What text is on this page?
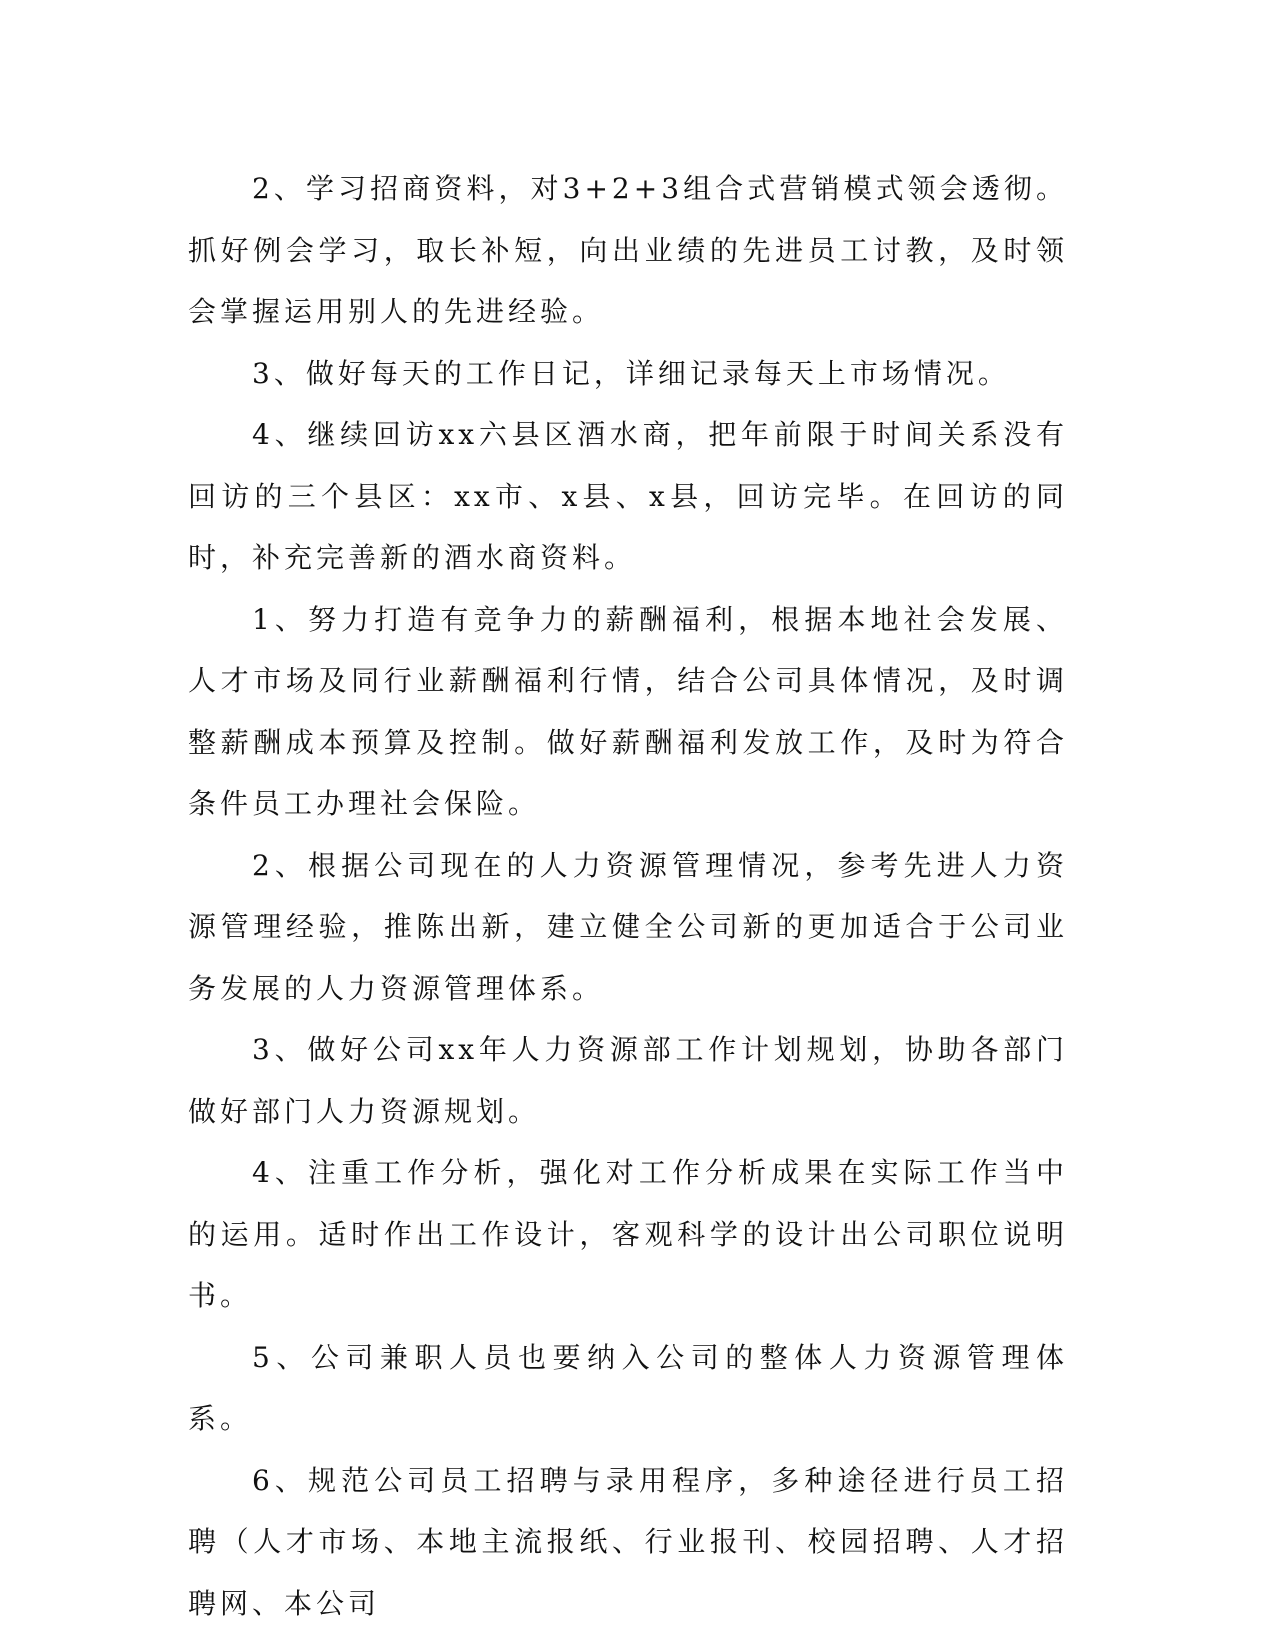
2、学习招商资料，对3+2+3组合式营销模式领会透彻。抓好例会学习，取长补短，向出业绩的先进员工讨教，及时领会掌握运用别人的先进经验。

3、做好每天的工作日记，详细记录每天上市场情况。

4、继续回访xx六县区酒水商，把年前限于时间关系没有回访的三个县区：xx市、x县、x县，回访完毕。在回访的同时，补充完善新的酒水商资料。

1、努力打造有竞争力的薪酬福利，根据本地社会发展、人才市场及同行业薪酬福利行情，结合公司具体情况，及时调整薪酬成本预算及控制。做好薪酬福利发放工作，及时为符合条件员工办理社会保险。

2、根据公司现在的人力资源管理情况，参考先进人力资源管理经验，推陈出新，建立健全公司新的更加适合于公司业务发展的人力资源管理体系。

3、做好公司xx年人力资源部工作计划规划，协助各部门做好部门人力资源规划。

4、注重工作分析，强化对工作分析成果在实际工作当中的运用。适时作出工作设计，客观科学的设计出公司职位说明书。

5、公司兼职人员也要纳入公司的整体人力资源管理体系。

6、规范公司员工招聘与录用程序，多种途径进行员工招聘（人才市场、本地主流报纸、行业报刊、校园招聘、人才招聘网、本公司
